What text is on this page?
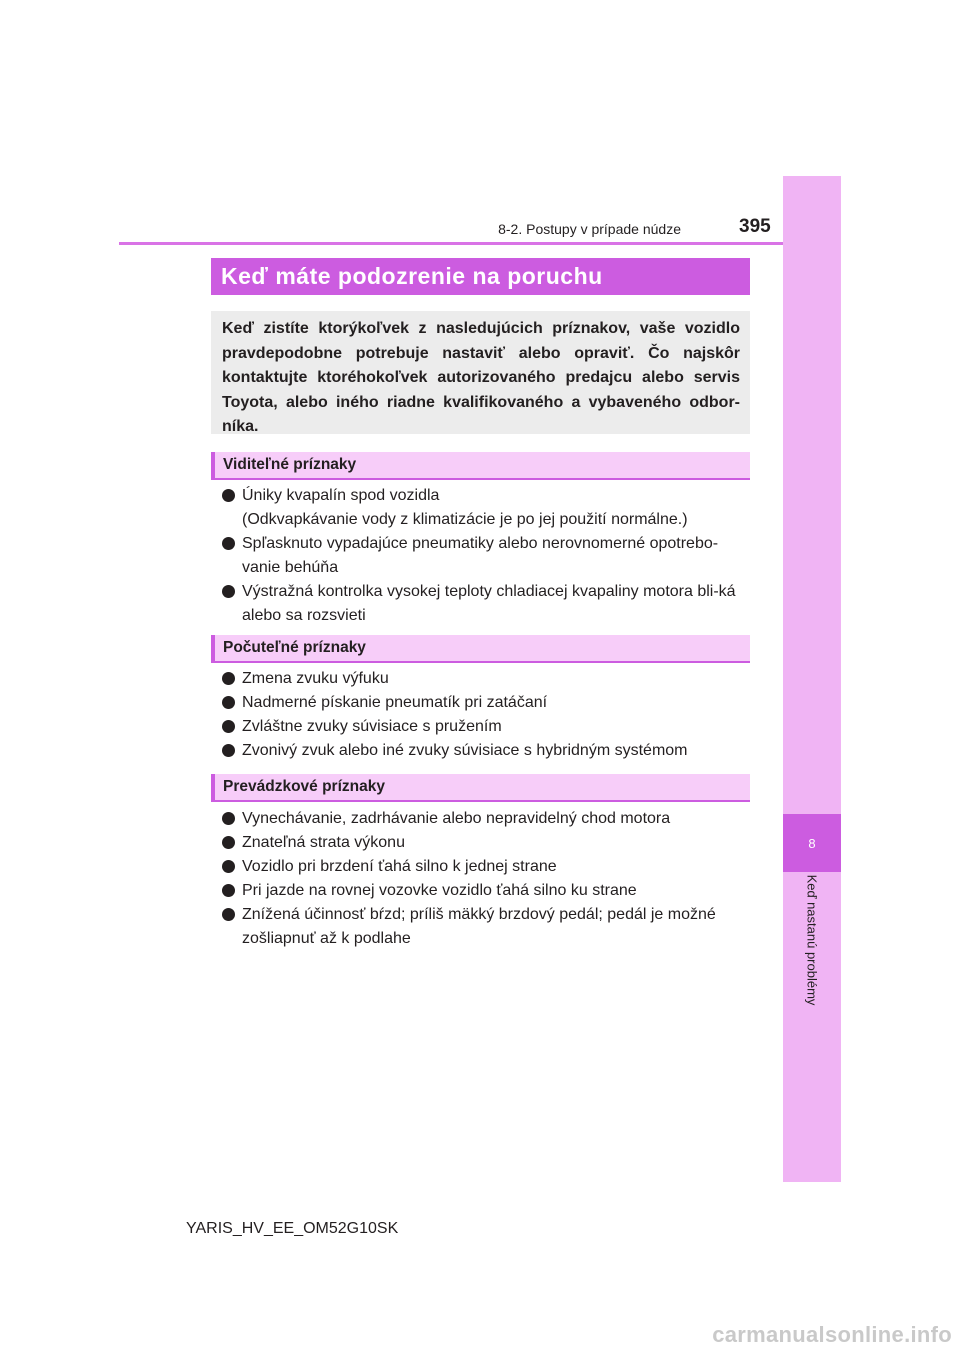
8
Keď nastanú problémy
8-2. Postupy v prípade núdze	395
Keď máte podozrenie na poruchu
Keď zistíte ktorýkoľvek z nasledujúcich príznakov, vaše vozidlo pravdepodobne potrebuje nastaviť alebo opraviť. Čo najskôr kontaktujte ktoréhokoľvek autorizovaného predajcu alebo servis Toyota, alebo iného riadne kvalifikovaného a vybaveného odbor-níka.
Viditeľné príznaky
Úniky kvapalín spod vozidla
(Odkvapkávanie vody z klimatizácie je po jej použití normálne.)
Spľasknuto vypadajúce pneumatiky alebo nerovnomerné opotrebo-vanie behúňa
Výstražná kontrolka vysokej teploty chladiacej kvapaliny motora bli-ká alebo sa rozsvieti
Počuteľné príznaky
Zmena zvuku výfuku
Nadmerné pískanie pneumatík pri zatáčaní
Zvláštne zvuky súvisiace s pružením
Zvonivý zvuk alebo iné zvuky súvisiace s hybridným systémom
Prevádzkové príznaky
Vynechávanie, zadrhávanie alebo nepravidelný chod motora
Znateľná strata výkonu
Vozidlo pri brzdení ťahá silno k jednej strane
Pri jazde na rovnej vozovke vozidlo ťahá silno ku strane
Znížená účinnosť bŕzd; príliš mäkký brzdový pedál; pedál je možné zošliapnuť až k podlahe
YARIS_HV_EE_OM52G10SK
carmanualsonline.info
